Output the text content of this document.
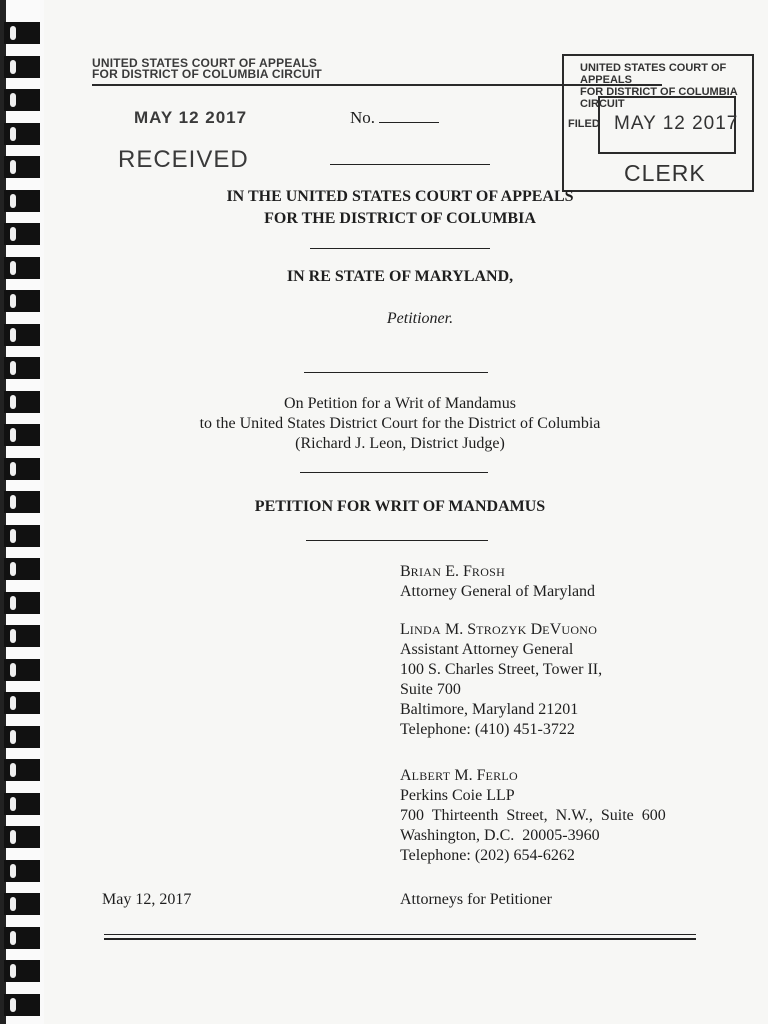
UNITED STATES COURT OF APPEALS
FOR DISTRICT OF COLUMBIA CIRCUIT
MAY 12 2017
RECEIVED
UNITED STATES COURT OF APPEALS
FOR DISTRICT OF COLUMBIA CIRCUIT
FILED MAY 12 2017
CLERK
No.
IN THE UNITED STATES COURT OF APPEALS
FOR THE DISTRICT OF COLUMBIA
IN RE STATE OF MARYLAND,
Petitioner.
On Petition for a Writ of Mandamus
to the United States District Court for the District of Columbia
(Richard J. Leon, District Judge)
PETITION FOR WRIT OF MANDAMUS
BRIAN E. FROSH
Attorney General of Maryland
LINDA M. STROZYK DEVUONO
Assistant Attorney General
100 S. Charles Street, Tower II,
Suite 700
Baltimore, Maryland 21201
Telephone: (410) 451-3722
ALBERT M. FERLO
Perkins Coie LLP
700  Thirteenth  Street,  N.W.,  Suite  600
Washington, D.C.  20005-3960
Telephone: (202) 654-6262
May 12, 2017	Attorneys for Petitioner
